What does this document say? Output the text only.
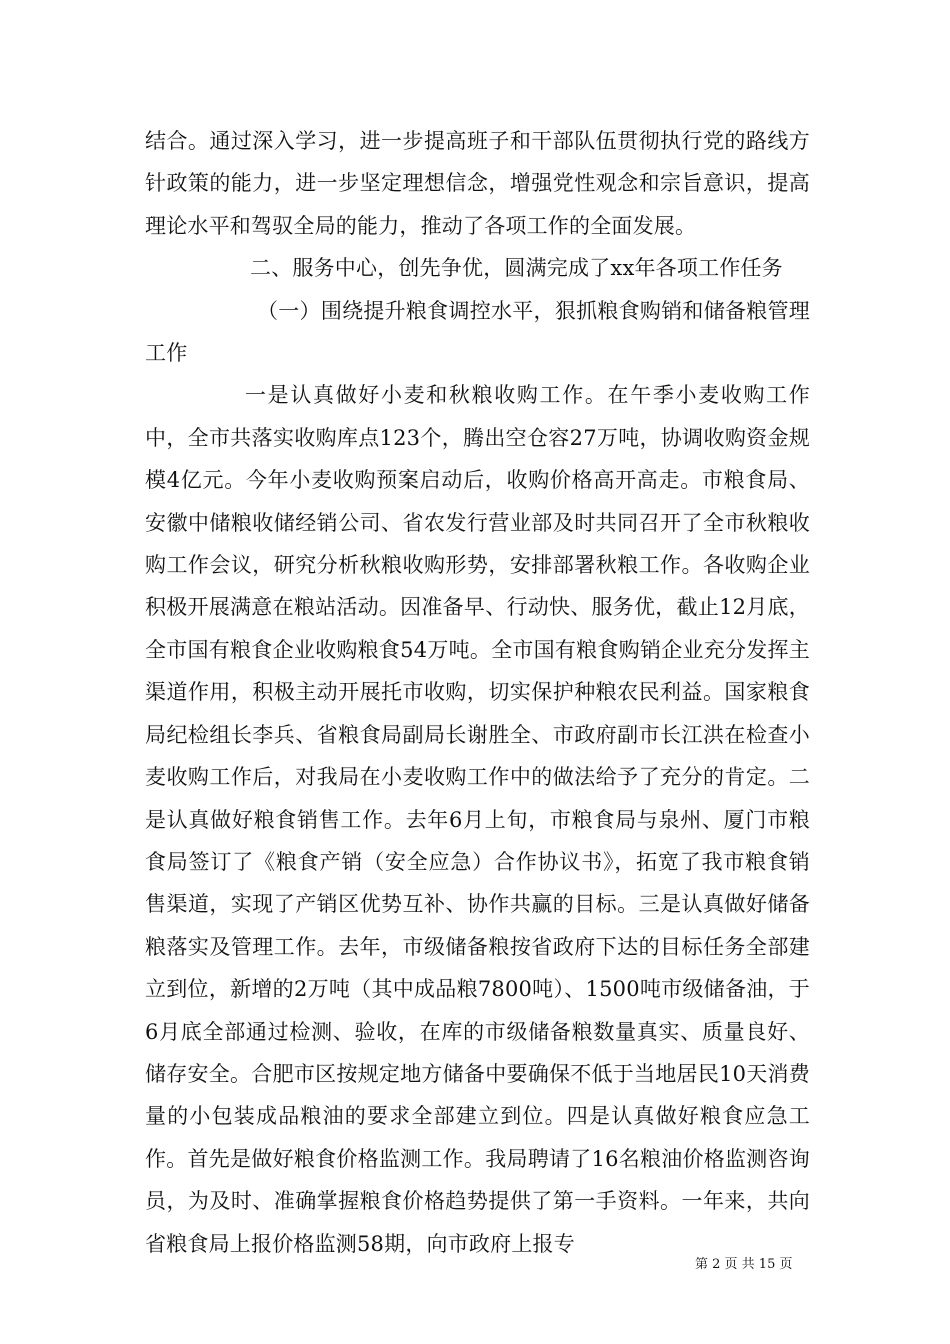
结合。通过深入学习，进一步提高班子和干部队伍贯彻执行党的路线方针政策的能力，进一步坚定理想信念，增强党性观念和宗旨意识，提高理论水平和驾驭全局的能力，推动了各项工作的全面发展。

二、服务中心，创先争优，圆满完成了xx年各项工作任务

（一）围绕提升粮食调控水平，狠抓粮食购销和储备粮管理工作

一是认真做好小麦和秋粮收购工作。在午季小麦收购工作中，全市共落实收购库点123个，腾出空仓容27万吨，协调收购资金规模4亿元。今年小麦收购预案启动后，收购价格高开高走。市粮食局、安徽中储粮收储经销公司、省农发行营业部及时共同召开了全市秋粮收购工作会议，研究分析秋粮收购形势，安排部署秋粮工作。各收购企业积极开展满意在粮站活动。因准备早、行动快、服务优，截止12月底，全市国有粮食企业收购粮食54万吨。全市国有粮食购销企业充分发挥主渠道作用，积极主动开展托市收购，切实保护种粮农民利益。国家粮食局纪检组长李兵、省粮食局副局长谢胜全、市政府副市长江洪在检查小麦收购工作后，对我局在小麦收购工作中的做法给予了充分的肯定。二是认真做好粮食销售工作。去年6月上旬，市粮食局与泉州、厦门市粮食局签订了《粮食产销（安全应急）合作协议书》，拓宽了我市粮食销售渠道，实现了产销区优势互补、协作共赢的目标。三是认真做好储备粮落实及管理工作。去年，市级储备粮按省政府下达的目标任务全部建立到位，新增的2万吨（其中成品粮7800吨）、1500吨市级储备油，于6月底全部通过检测、验收，在库的市级储备粮数量真实、质量良好、储存安全。合肥市区按规定地方储备中要确保不低于当地居民10天消费量的小包装成品粮油的要求全部建立到位。四是认真做好粮食应急工作。首先是做好粮食价格监测工作。我局聘请了16名粮油价格监测咨询员，为及时、准确掌握粮食价格趋势提供了第一手资料。一年来，共向省粮食局上报价格监测58期，向市政府上报专

第 2 页 共 15 页
